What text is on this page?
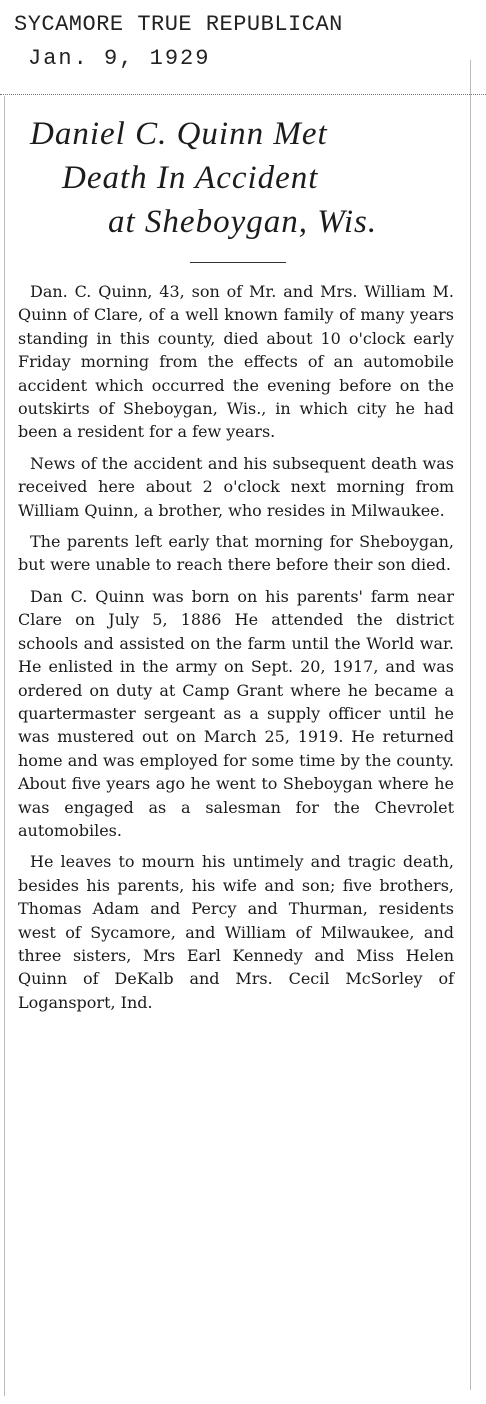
SYCAMORE TRUE REPUBLICAN
Jan. 9, 1929
Daniel C. Quinn Met
Death In Accident
at Sheboygan, Wis.

Dan. C. Quinn, 43, son of Mr. and Mrs. William M. Quinn of Clare, of a well known family of many years standing in this county, died about 10 o'clock early Friday morning from the effects of an automobile accident which occurred the evening before on the outskirts of Sheboygan, Wis., in which city he had been a resident for a few years.

News of the accident and his subsequent death was received here about 2 o'clock next morning from William Quinn, a brother, who resides in Milwaukee.

The parents left early that morning for Sheboygan, but were unable to reach there before their son died.

Dan C. Quinn was born on his parents' farm near Clare on July 5, 1886 He attended the district schools and assisted on the farm until the World war. He enlisted in the army on Sept. 20, 1917, and was ordered on duty at Camp Grant where he became a quartermaster sergeant as a supply officer until he was mustered out on March 25, 1919. He returned home and was employed for some time by the county. About five years ago he went to Sheboygan where he was engaged as a salesman for the Chevrolet automobiles.

He leaves to mourn his untimely and tragic death, besides his parents, his wife and son; five brothers, Thomas Adam and Percy and Thurman, residents west of Sycamore, and William of Milwaukee, and three sisters, Mrs Earl Kennedy and Miss Helen Quinn of DeKalb and Mrs. Cecil McSorley of Logansport, Ind.
